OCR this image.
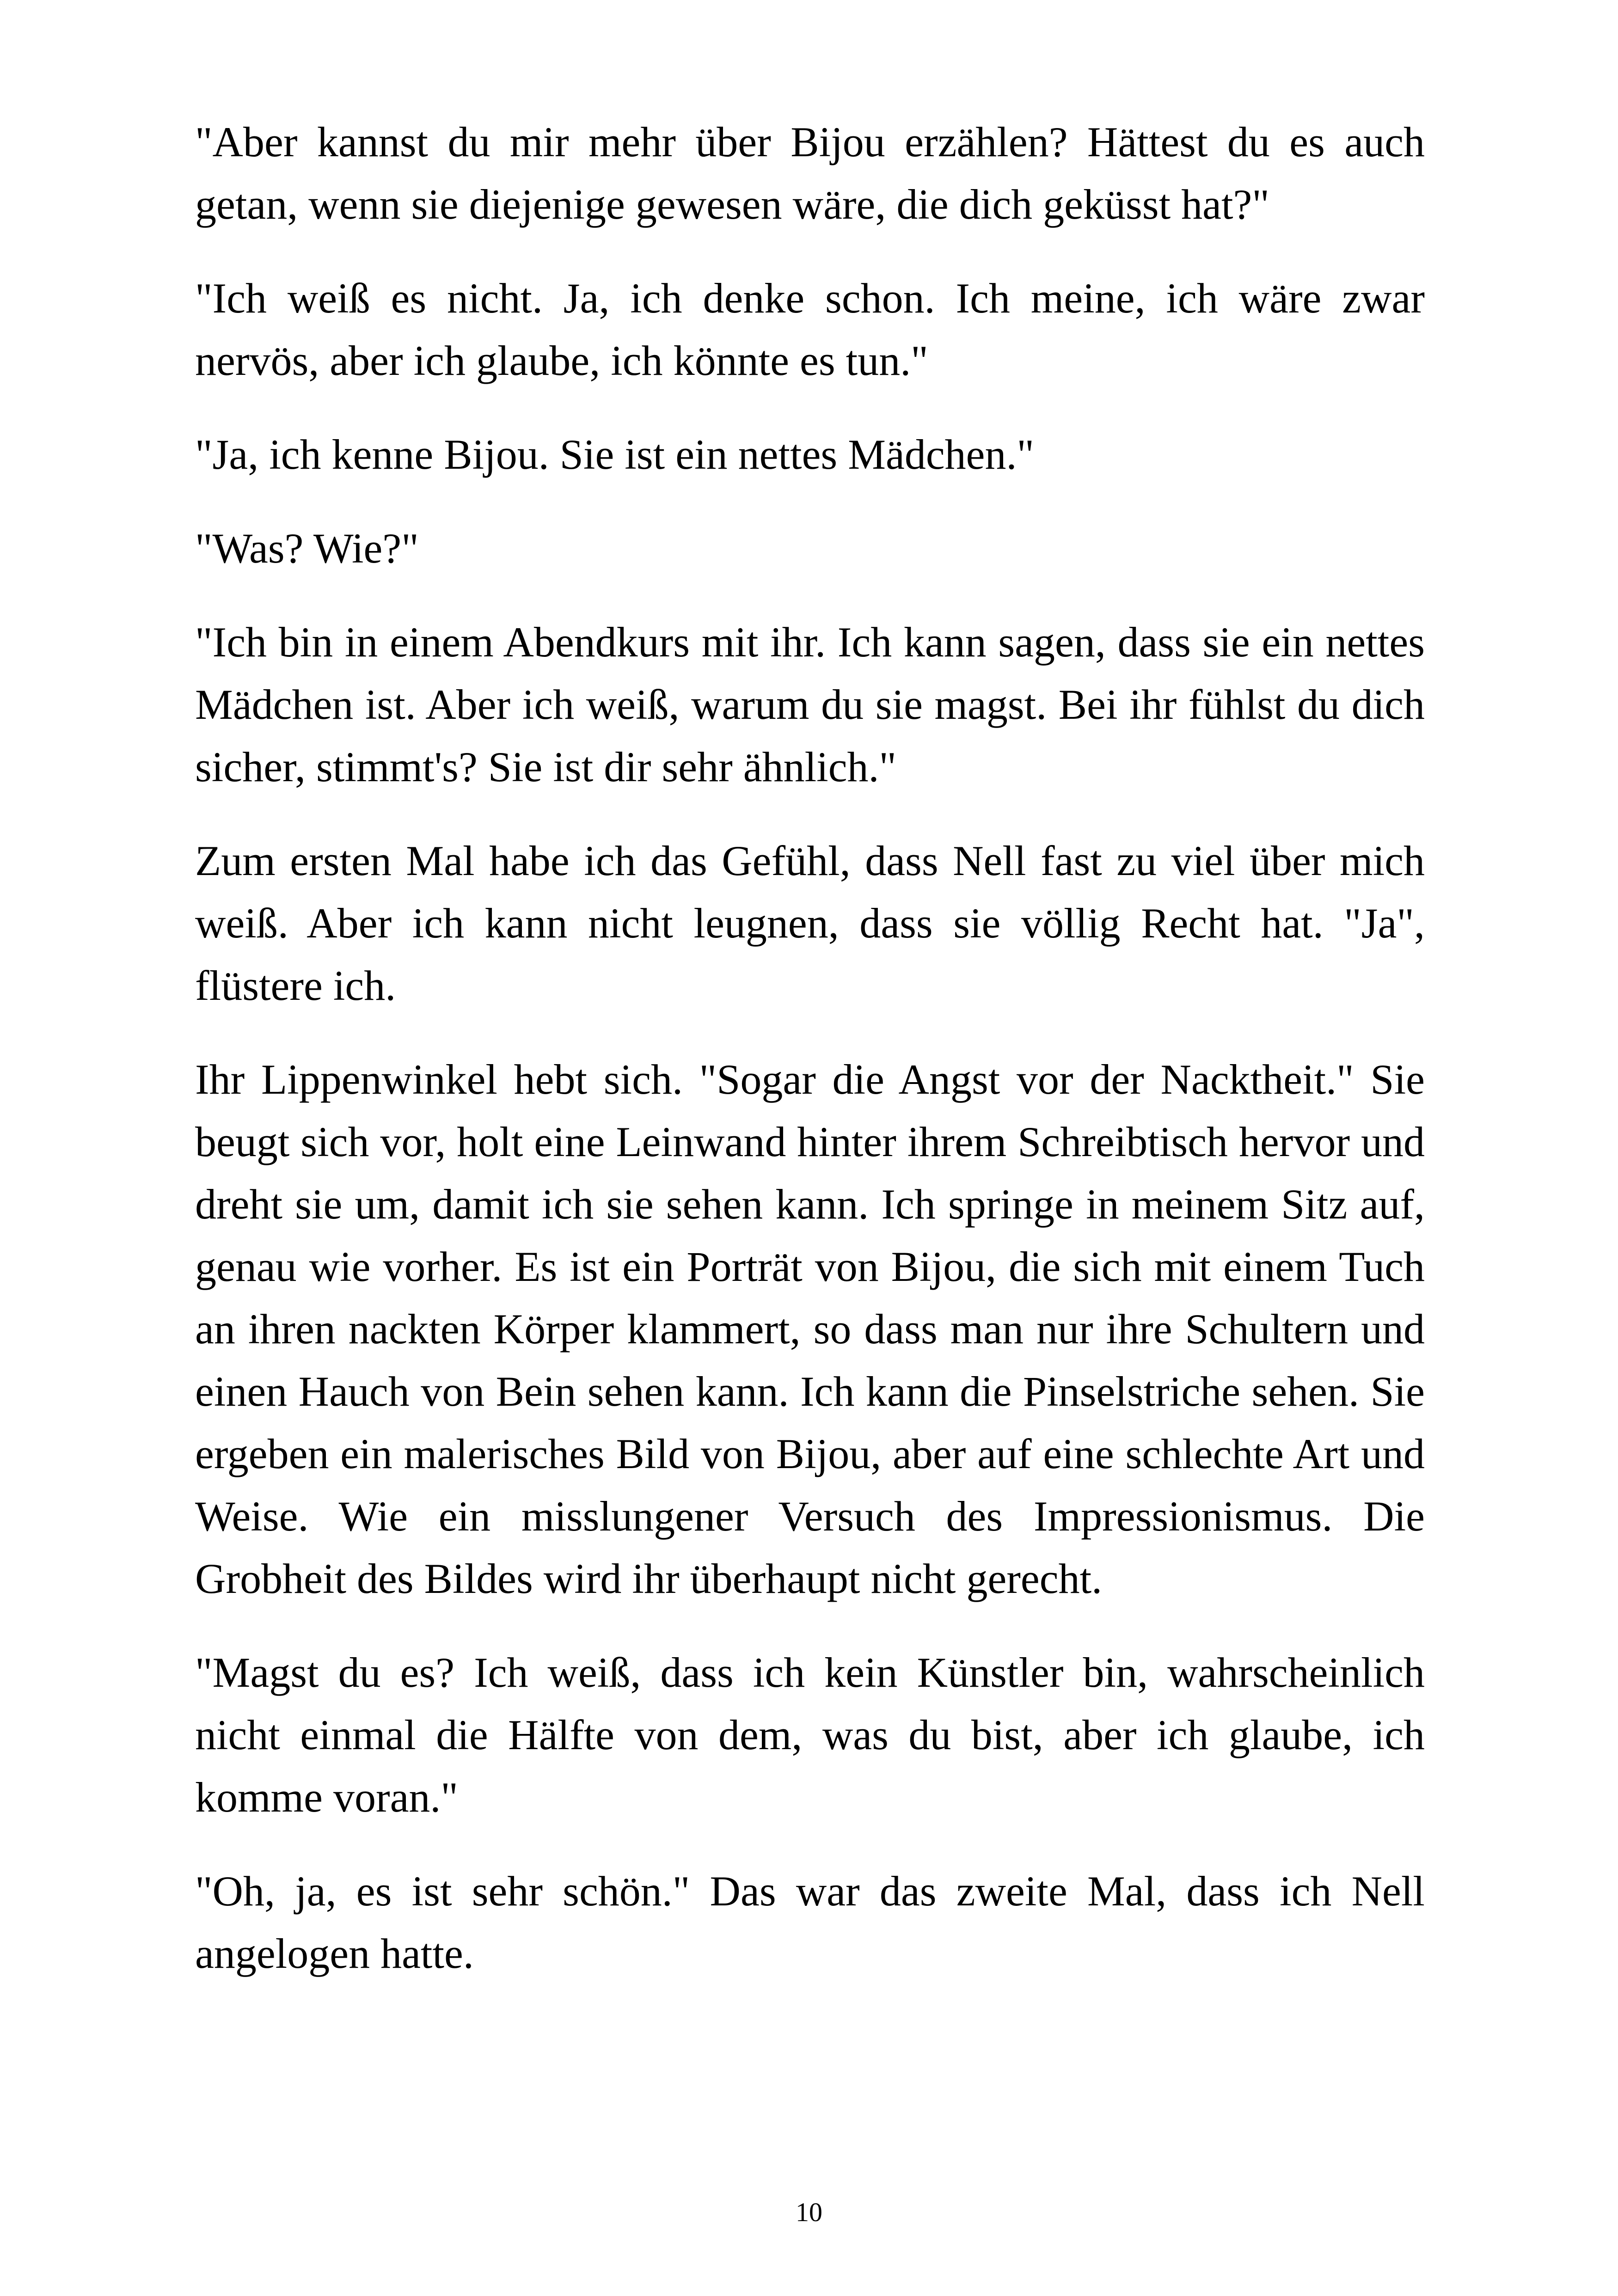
"Aber kannst du mir mehr über Bijou erzählen? Hättest du es auch getan, wenn sie diejenige gewesen wäre, die dich geküsst hat?"

"Ich weiß es nicht. Ja, ich denke schon. Ich meine, ich wäre zwar nervös, aber ich glaube, ich könnte es tun."

"Ja, ich kenne Bijou. Sie ist ein nettes Mädchen."

"Was? Wie?"

"Ich bin in einem Abendkurs mit ihr. Ich kann sagen, dass sie ein nettes Mädchen ist. Aber ich weiß, warum du sie magst. Bei ihr fühlst du dich sicher, stimmt's? Sie ist dir sehr ähnlich."

Zum ersten Mal habe ich das Gefühl, dass Nell fast zu viel über mich weiß. Aber ich kann nicht leugnen, dass sie völlig Recht hat. "Ja", flüstere ich.

Ihr Lippenwinkel hebt sich. "Sogar die Angst vor der Nacktheit." Sie beugt sich vor, holt eine Leinwand hinter ihrem Schreibtisch hervor und dreht sie um, damit ich sie sehen kann. Ich springe in meinem Sitz auf, genau wie vorher. Es ist ein Porträt von Bijou, die sich mit einem Tuch an ihren nackten Körper klammert, so dass man nur ihre Schultern und einen Hauch von Bein sehen kann. Ich kann die Pinselstriche sehen. Sie ergeben ein malerisches Bild von Bijou, aber auf eine schlechte Art und Weise. Wie ein misslungener Versuch des Impressionismus. Die Grobheit des Bildes wird ihr überhaupt nicht gerecht.

"Magst du es? Ich weiß, dass ich kein Künstler bin, wahrscheinlich nicht einmal die Hälfte von dem, was du bist, aber ich glaube, ich komme voran."

"Oh, ja, es ist sehr schön." Das war das zweite Mal, dass ich Nell angelogen hatte.

10
